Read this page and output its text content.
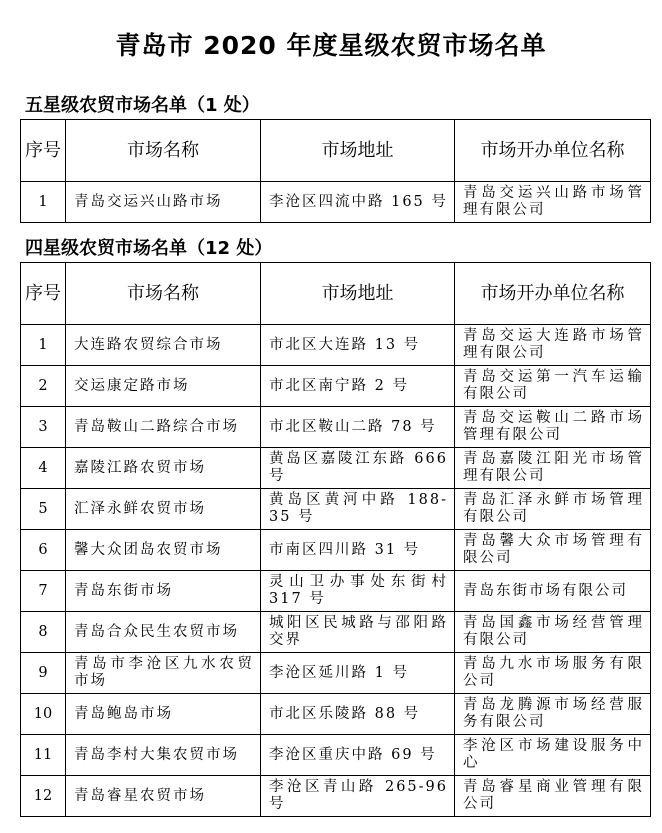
青岛市 2020 年度星级农贸市场名单
五星级农贸市场名单（1 处）
序号	市场名称	市场地址	市场开办单位名称
1	青岛交运兴山路市场	李沧区四流中路 165 号	青岛交运兴山路市场管理有限公司
四星级农贸市场名单（12 处）
序号	市场名称	市场地址	市场开办单位名称
1	大连路农贸综合市场	市北区大连路 13 号	青岛交运大连路市场管理有限公司
2	交运康定路市场	市北区南宁路 2 号	青岛交运第一汽车运输有限公司
3	青岛鞍山二路综合市场	市北区鞍山二路 78 号	青岛交运鞍山二路市场管理有限公司
4	嘉陵江路农贸市场	黄岛区嘉陵江东路 666 号	青岛嘉陵江阳光市场管理有限公司
5	汇泽永鲜农贸市场	黄岛区黄河中路 188-35 号	青岛汇泽永鲜市场管理有限公司
6	馨大众团岛农贸市场	市南区四川路 31 号	青岛馨大众市场管理有限公司
7	青岛东街市场	灵山卫办事处东街村 317 号	青岛东街市场有限公司
8	青岛合众民生农贸市场	城阳区民城路与邵阳路交界	青岛国鑫市场经营管理有限公司
9	青岛市李沧区九水农贸市场	李沧区延川路 1 号	青岛九水市场服务有限公司
10	青岛鲍岛市场	市北区乐陵路 88 号	青岛龙腾源市场经营服务有限公司
11	青岛李村大集农贸市场	李沧区重庆中路 69 号	李沧区市场建设服务中心
12	青岛睿星农贸市场	李沧区青山路 265-96 号	青岛睿星商业管理有限公司
